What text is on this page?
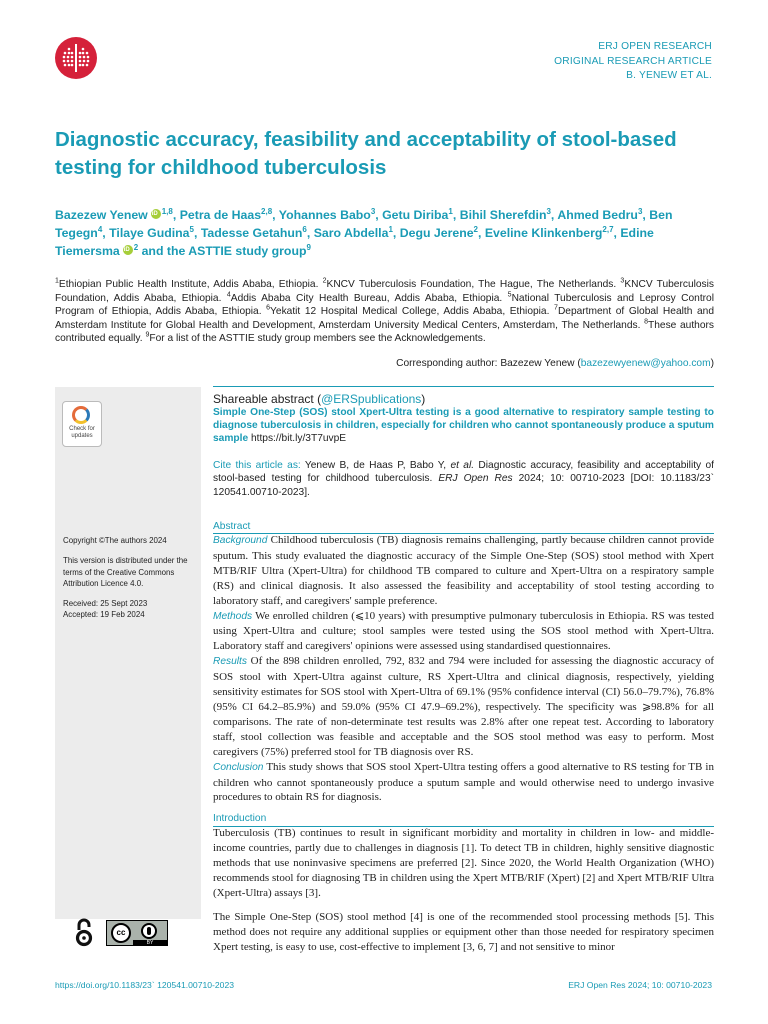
ERJ OPEN RESEARCH
ORIGINAL RESEARCH ARTICLE
B. YENEW ET AL.
Diagnostic accuracy, feasibility and acceptability of stool-based testing for childhood tuberculosis
Bazezew Yenew iD $^{1,8}$, Petra de Haas$^{2,8}$, Yohannes Babo$^3$, Getu Diriba$^1$, Bihil Sherefdin$^3$, Ahmed Bedru$^3$, Ben Tegegn$^4$, Tilaye Gudina$^5$, Tadesse Getahun$^6$, Saro Abdella$^1$, Degu Jerene$^2$, Eveline Klinkenberg$^{2,7}$, Edine Tiemersma iD $^2$ and the ASTTIE study group$^9$
$^1$Ethiopian Public Health Institute, Addis Ababa, Ethiopia. $^2$KNCV Tuberculosis Foundation, The Hague, The Netherlands. $^3$KNCV Tuberculosis Foundation, Addis Ababa, Ethiopia. $^4$Addis Ababa City Health Bureau, Addis Ababa, Ethiopia. $^5$National Tuberculosis and Leprosy Control Program of Ethiopia, Addis Ababa, Ethiopia. $^6$Yekatit 12 Hospital Medical College, Addis Ababa, Ethiopia. $^7$Department of Global Health and Amsterdam Institute for Global Health and Development, Amsterdam University Medical Centers, Amsterdam, The Netherlands. $^8$These authors contributed equally. $^9$For a list of the ASTTIE study group members see the Acknowledgements.
Corresponding author: Bazezew Yenew (bazezewyenew@yahoo.com)
Check for
updates

Copyright ©The authors 2024

This version is distributed under the terms of the Creative Commons Attribution Licence 4.0.

Received: 25 Sept 2023

Accepted: 19 Feb 2024

Shareable abstract (@ERSpublications)
Simple One-Step (SOS) stool Xpert-Ultra testing is a good alternative to respiratory sample testing to diagnose tuberculosis in children, especially for children who cannot spontaneously produce a sputum sample https://bit.ly/3T7uvpE
Cite this article as: Yenew B, de Haas P, Babo Y, et al. Diagnostic accuracy, feasibility and acceptability of stool-based testing for childhood tuberculosis. ERJ Open Res 2024; 10: 00710-2023 [DOI: 10.1183/23` 120541.00710-2023].
Abstract

Background Childhood tuberculosis (TB) diagnosis remains challenging, partly because children cannot provide sputum. This study evaluated the diagnostic accuracy of the Simple One-Step (SOS) stool method with Xpert MTB/RIF Ultra (Xpert-Ultra) for childhood TB compared to culture and Xpert-Ultra on a respiratory sample (RS) and clinical diagnosis. It also assessed the feasibility and acceptability of stool testing according to laboratory staff, and caregivers' sample preference.

Methods We enrolled children (⩽10 years) with presumptive pulmonary tuberculosis in Ethiopia. RS was tested using Xpert-Ultra and culture; stool samples were tested using the SOS stool method with Xpert-Ultra. Laboratory staff and caregivers' opinions were assessed using standardised questionnaires.

Results Of the 898 children enrolled, 792, 832 and 794 were included for assessing the diagnostic accuracy of SOS stool with Xpert-Ultra against culture, RS Xpert-Ultra and clinical diagnosis, respectively, yielding sensitivity estimates for SOS stool with Xpert-Ultra of 69.1% (95% confidence interval (CI) 56.0–79.7%), 76.8% (95% CI 64.2–85.9%) and 59.0% (95% CI 47.9–69.2%), respectively. The specificity was ⩾98.8% for all comparisons. The rate of non-determinate test results was 2.8% after one repeat test. According to laboratory staff, stool collection was feasible and acceptable and the SOS stool method was easy to perform. Most caregivers (75%) preferred stool for TB diagnosis over RS.

Conclusion This study shows that SOS stool Xpert-Ultra testing offers a good alternative to RS testing for TB in children who cannot spontaneously produce a sputum sample and would otherwise need to undergo invasive procedures to obtain RS for diagnosis.

Introduction

Tuberculosis (TB) continues to result in significant morbidity and mortality in children in low- and middle-income countries, partly due to challenges in diagnosis [1]. To detect TB in children, highly sensitive diagnostic methods that use noninvasive specimens are preferred [2]. Since 2020, the World Health Organization (WHO) recommends stool for diagnosing TB in children using the Xpert MTB/RIF (Xpert) [2] and Xpert MTB/RIF Ultra (Xpert-Ultra) assays [3].

The Simple One-Step (SOS) stool method [4] is one of the recommended stool processing methods [5]. This method does not require any additional supplies or equipment other than those needed for respiratory specimen Xpert testing, is easy to use, cost-effective to implement [3, 6, 7] and not sensitive to minor

cc
BY
https://doi.org/10.1183/23` 120541.00710-2023	ERJ Open Res 2024; 10: 00710-2023
